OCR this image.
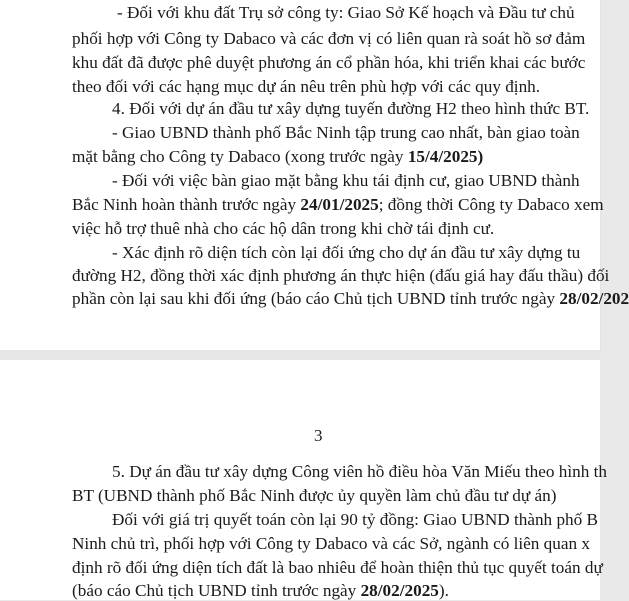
- Đối với khu đất Trụ sở công ty: Giao Sở Kế hoạch và Đầu tư chủ

phối hợp với Công ty Dabaco và các đơn vị có liên quan rà soát hồ sơ đảm

khu đất đã được phê duyệt phương án cổ phần hóa, khi triển khai các bước

theo đối với các hạng mục dự án nêu trên phù hợp với các quy định.

4. Đối với dự án đầu tư xây dựng tuyến đường H2 theo hình thức BT.

- Giao UBND thành phố Bắc Ninh tập trung cao nhất, bàn giao toàn

mặt bằng cho Công ty Dabaco (xong trước ngày 15/4/2025)

- Đối với việc bàn giao mặt bằng khu tái định cư, giao UBND thành

Bắc Ninh hoàn thành trước ngày 24/01/2025; đồng thời Công ty Dabaco xem

việc hỗ trợ thuê nhà cho các hộ dân trong khi chờ tái định cư.

- Xác định rõ diện tích còn lại đối ứng cho dự án đầu tư xây dựng tu

đường H2, đồng thời xác định phương án thực hiện (đấu giá hay đấu thầu) đối

phần còn lại sau khi đối ứng (báo cáo Chủ tịch UBND tỉnh trước ngày 28/02/202

3

5. Dự án đầu tư xây dựng Công viên hồ điều hòa Văn Miếu theo hình th

BT (UBND thành phố Bắc Ninh được ủy quyền làm chủ đầu tư dự án)

Đối với giá trị quyết toán còn lại 90 tỷ đồng: Giao UBND thành phố B

Ninh chủ trì, phối hợp với Công ty Dabaco và các Sở, ngành có liên quan x

định rõ đối ứng diện tích đất là bao nhiêu để hoàn thiện thủ tục quyết toán dự

(báo cáo Chủ tịch UBND tỉnh trước ngày 28/02/2025).
